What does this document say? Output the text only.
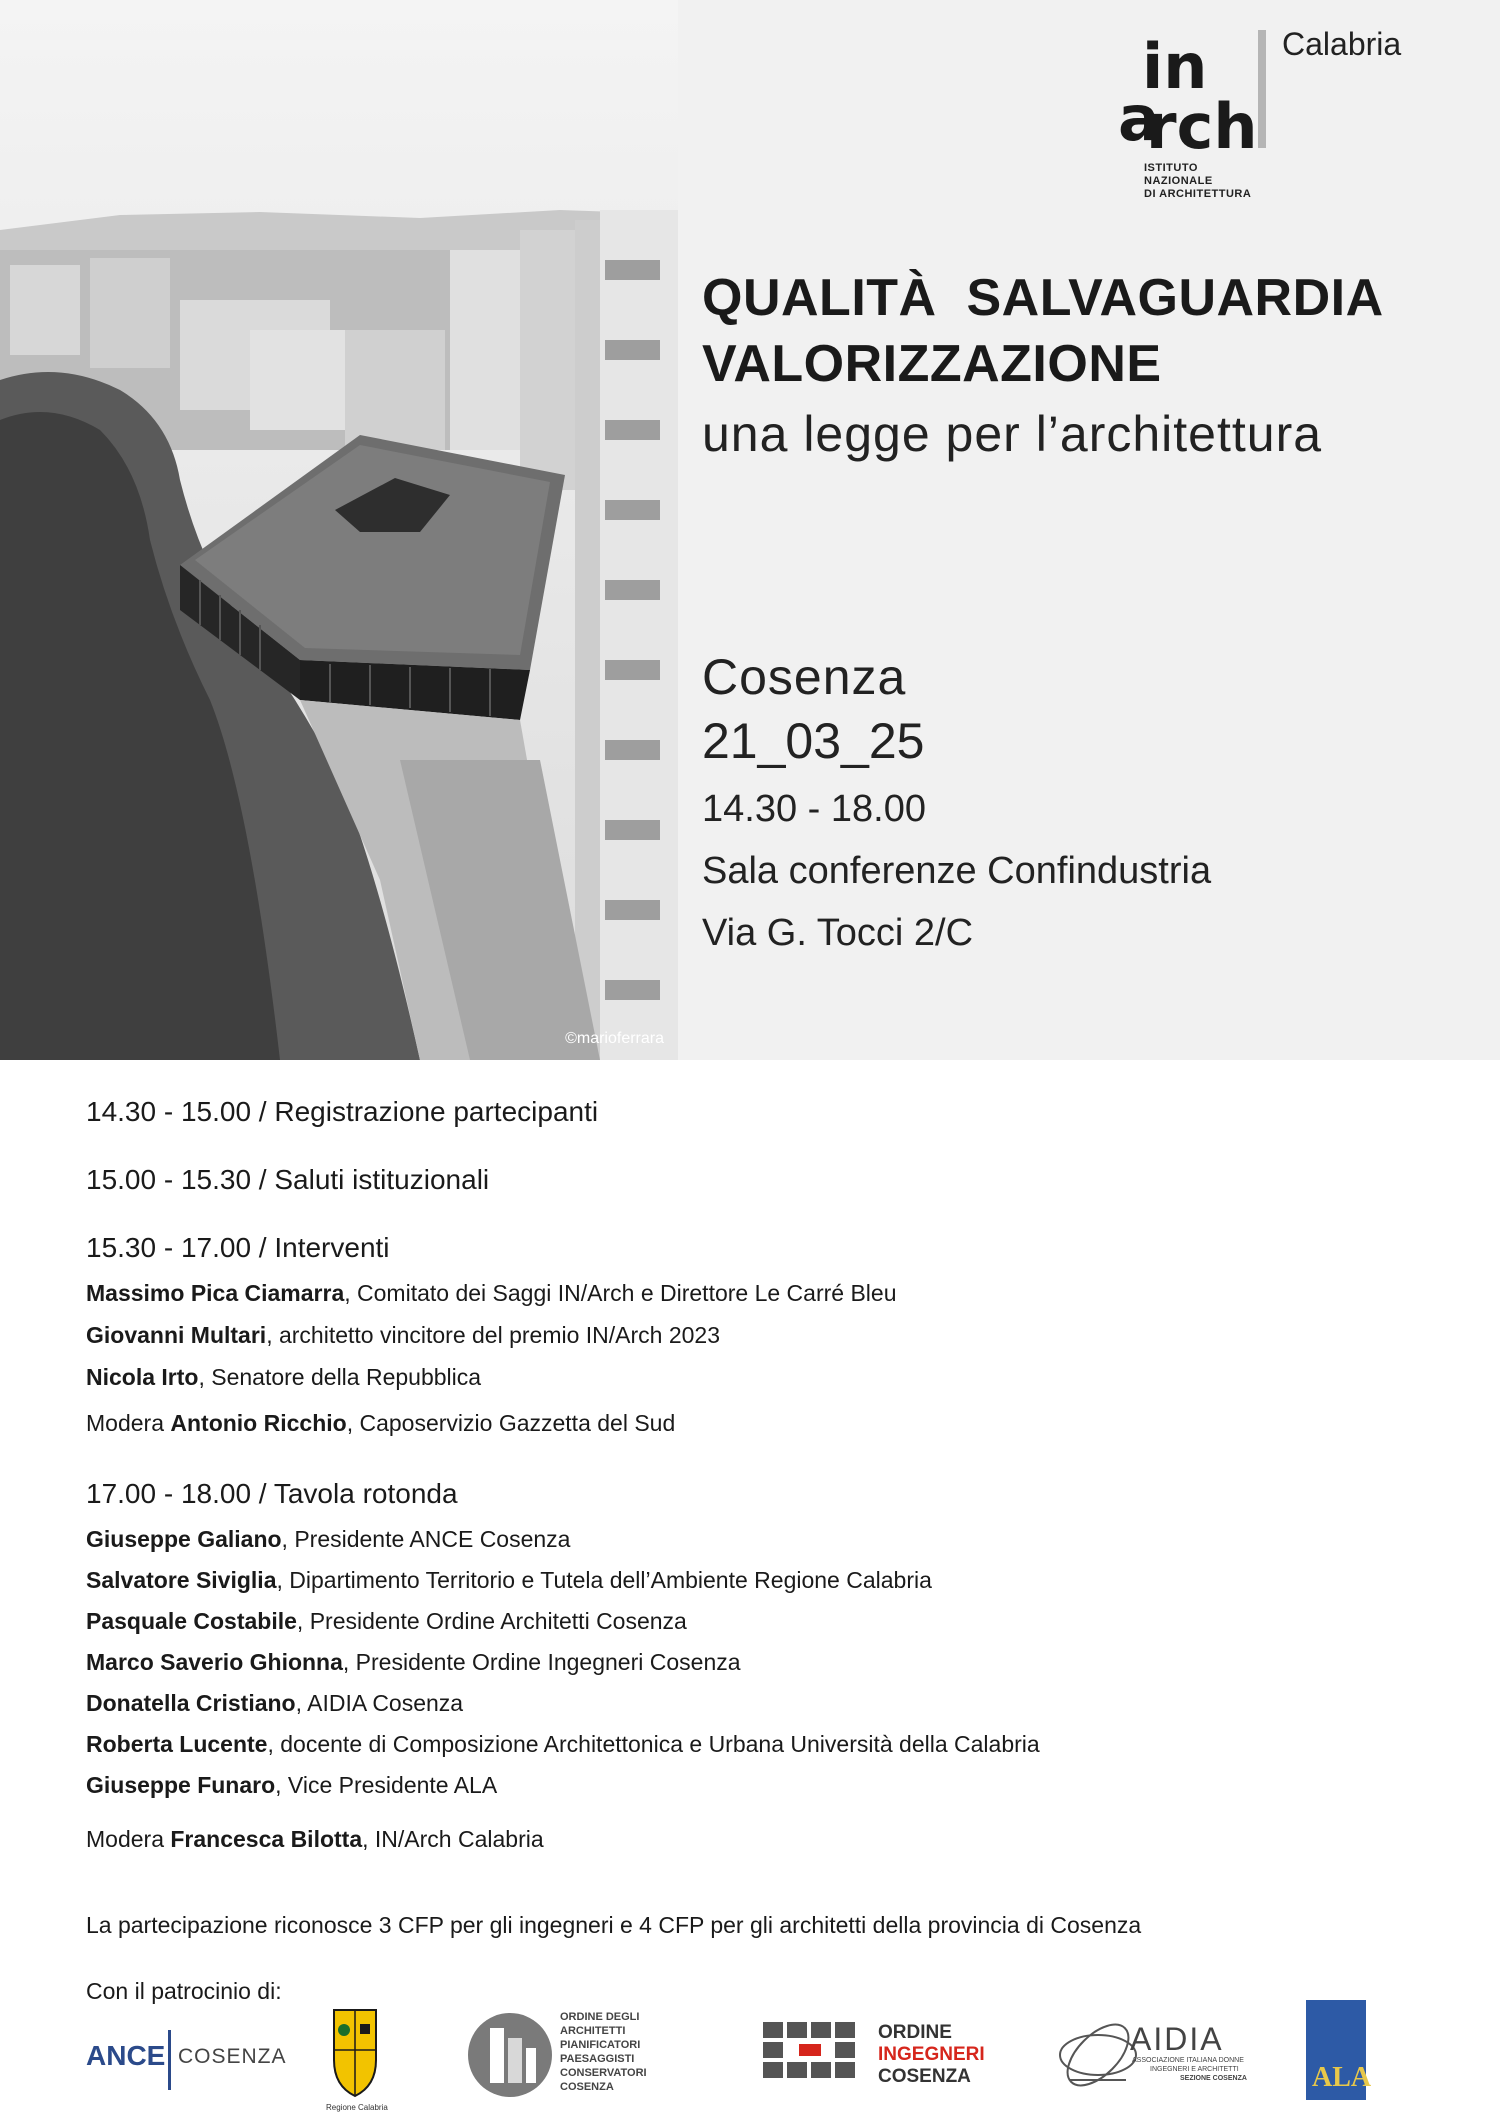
©marioferrara
in
a
rch
Calabria
ISTITUTO
NAZIONALE
DI ARCHITETTURA
QUALITÀ  SALVAGUARDIA
VALORIZZAZIONE
una legge per l’architettura
Cosenza
21_03_25
14.30 - 18.00
Sala conferenze Confindustria
Via G. Tocci 2/C
14.30 - 15.00 / Registrazione partecipanti
15.00 - 15.30 / Saluti istituzionali
15.30 - 17.00 / Interventi
Massimo Pica Ciamarra, Comitato dei Saggi IN/Arch e Direttore Le Carré Bleu
Giovanni Multari, architetto vincitore del premio IN/Arch 2023
Nicola Irto, Senatore della Repubblica
Modera Antonio Ricchio, Caposervizio Gazzetta del Sud
17.00 - 18.00 / Tavola rotonda
Giuseppe Galiano, Presidente ANCE Cosenza
Salvatore Siviglia, Dipartimento Territorio e Tutela dell’Ambiente Regione Calabria
Pasquale Costabile, Presidente Ordine Architetti Cosenza
Marco Saverio Ghionna, Presidente Ordine Ingegneri Cosenza
Donatella Cristiano, AIDIA Cosenza
Roberta Lucente, docente di Composizione Architettonica e Urbana Università della Calabria
Giuseppe Funaro, Vice Presidente ALA
Modera Francesca Bilotta, IN/Arch Calabria
La partecipazione riconosce 3 CFP per gli ingegneri e 4 CFP per gli architetti della provincia di Cosenza
Con il patrocinio di:
ANCE COSENZA
Regione Calabria
ORDINE DEGLI
ARCHITETTI
PIANIFICATORI
PAESAGGISTI
CONSERVATORI
COSENZA
ORDINE
INGEGNERI
COSENZA
AIDIA
ASSOCIAZIONE ITALIANA DONNE
INGEGNERI E ARCHITETTI
SEZIONE COSENZA ALA
